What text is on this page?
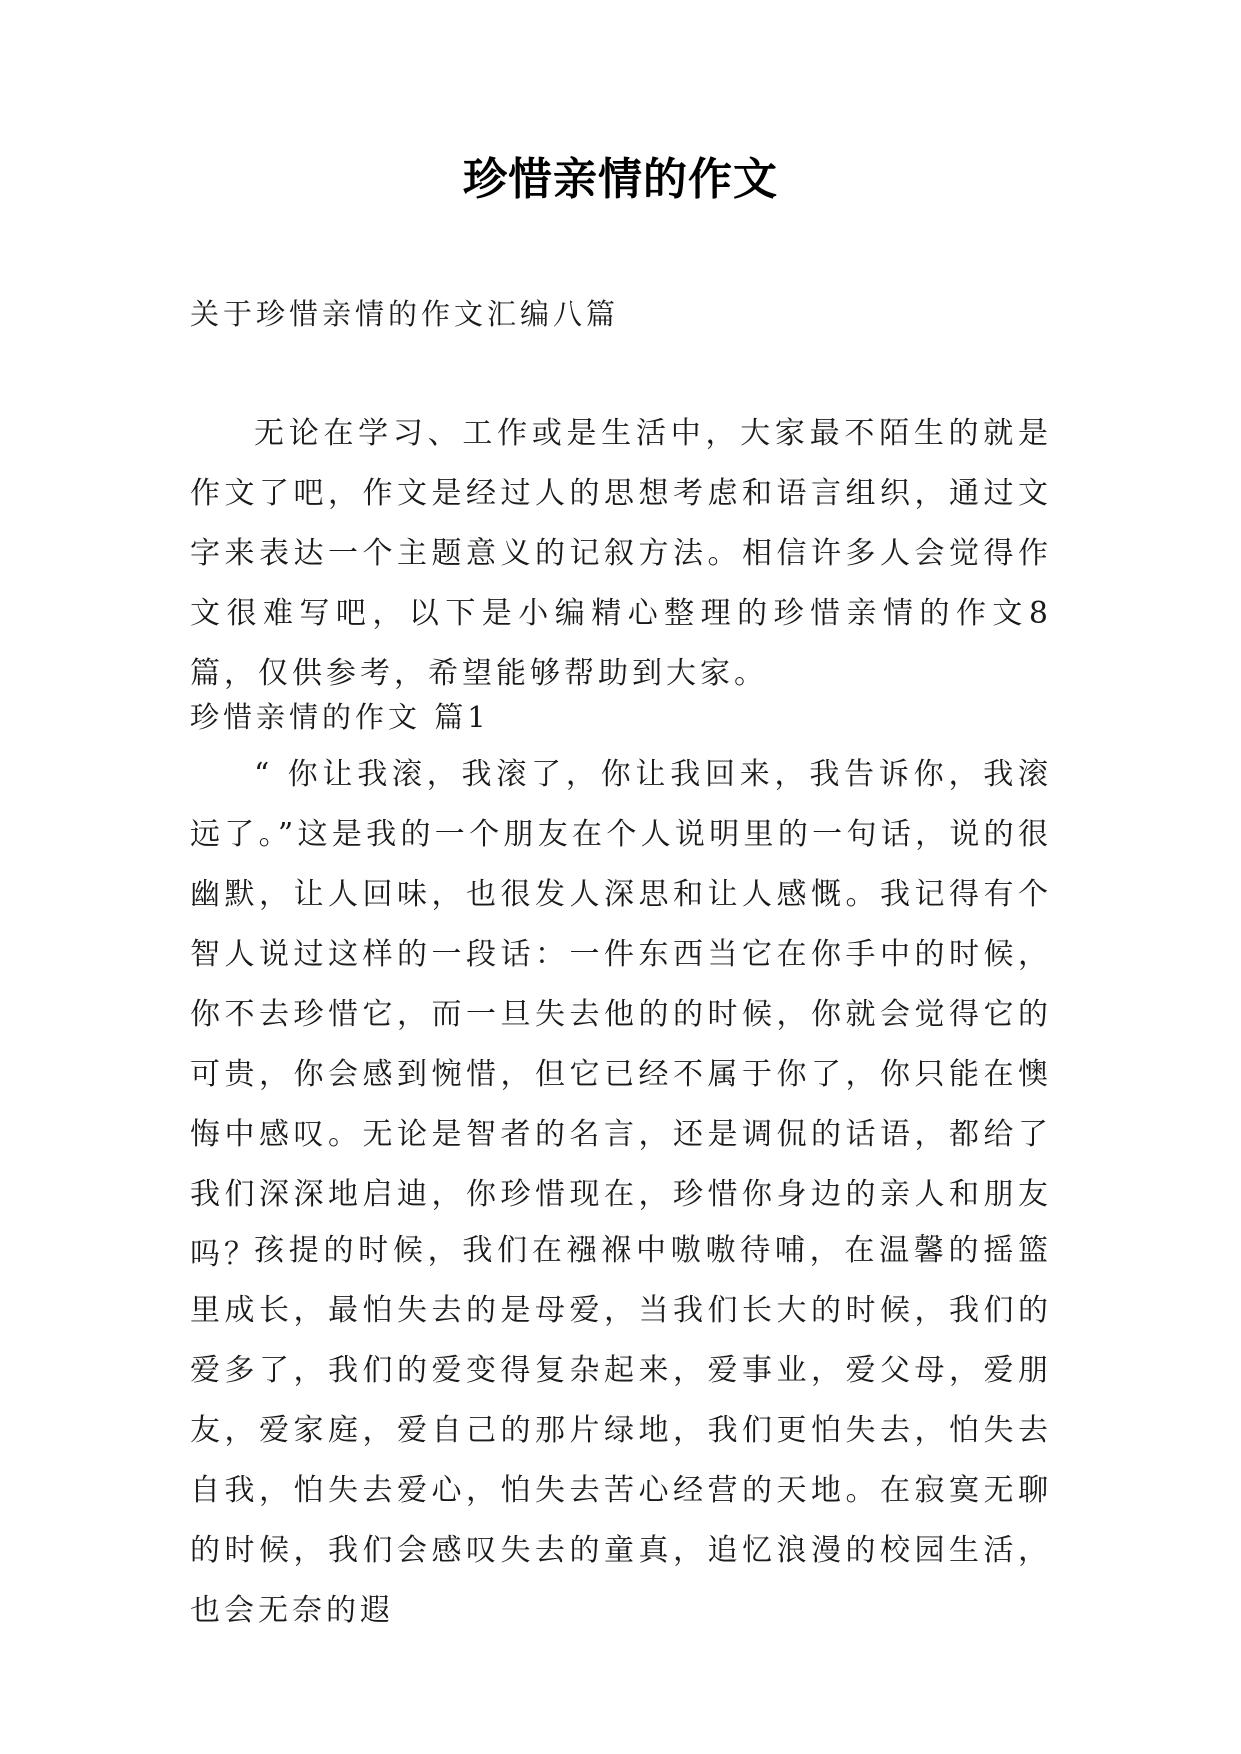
珍惜亲情的作文
关于珍惜亲情的作文汇编八篇
无论在学习、工作或是生活中，大家最不陌生的就是作文了吧，作文是经过人的思想考虑和语言组织，通过文字来表达一个主题意义的记叙方法。相信许多人会觉得作文很难写吧，以下是小编精心整理的珍惜亲情的作文8篇，仅供参考，希望能够帮助到大家。
珍惜亲情的作文 篇1
“ 你让我滚，我滚了，你让我回来，我告诉你，我滚远了。”这是我的一个朋友在个人说明里的一句话，说的很幽默，让人回味，也很发人深思和让人感慨。我记得有个智人说过这样的一段话：一件东西当它在你手中的时候，你不去珍惜它，而一旦失去他的的时候，你就会觉得它的可贵，你会感到惋惜，但它已经不属于你了，你只能在懊悔中感叹。无论是智者的名言，还是调侃的话语，都给了我们深深地启迪，你珍惜现在，珍惜你身边的亲人和朋友吗？
孩提的时候，我们在襁褓中嗷嗷待哺，在温馨的摇篮里成长，最怕失去的是母爱，当我们长大的时候，我们的爱多了，我们的爱变得复杂起来，爱事业，爱父母，爱朋友，爱家庭，爱自己的那片绿地，我们更怕失去，怕失去自我，怕失去爱心，怕失去苦心经营的天地。在寂寞无聊的时候，我们会感叹失去的童真，追忆浪漫的校园生活，也会无奈的遐
